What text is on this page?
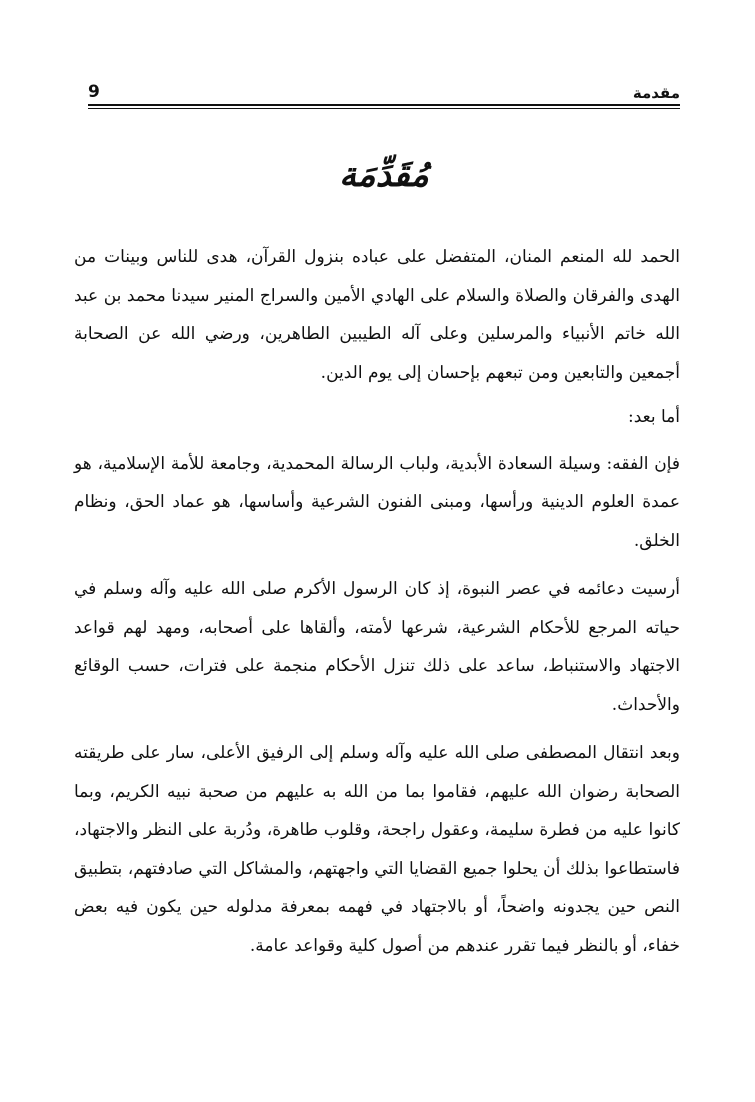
مقدمة
9
مُقَدِّمَة

الحمد لله المنعم المنان، المتفضل على عباده بنزول القرآن، هدى للناس وبينات من الهدى والفرقان والصلاة والسلام على الهادي الأمين والسراج المنير سيدنا محمد بن عبد الله خاتم الأنبياء والمرسلين وعلى آله الطيبين الطاهرين، ورضي الله عن الصحابة أجمعين والتابعين ومن تبعهم بإحسان إلى يوم الدين.

أما بعد:

فإن الفقه: وسيلة السعادة الأبدية، ولباب الرسالة المحمدية، وجامعة للأمة الإسلامية، هو عمدة العلوم الدينية ورأسها، ومبنى الفنون الشرعية وأساسها، هو عماد الحق، ونظام الخلق.

أرسيت دعائمه في عصر النبوة، إذ كان الرسول الأكرم صلى الله عليه وآله وسلم في حياته المرجع للأحكام الشرعية، شرعها لأمته، وألقاها على أصحابه، ومهد لهم قواعد الاجتهاد والاستنباط، ساعد على ذلك تنزل الأحكام منجمة على فترات، حسب الوقائع والأحداث.

وبعد انتقال المصطفى صلى الله عليه وآله وسلم إلى الرفيق الأعلى، سار على طريقته الصحابة رضوان الله عليهم، فقاموا بما من الله به عليهم من صحبة نبيه الكريم، وبما كانوا عليه من فطرة سليمة، وعقول راجحة، وقلوب طاهرة، ودُربة على النظر والاجتهاد، فاستطاعوا بذلك أن يحلوا جميع القضايا التي واجهتهم، والمشاكل التي صادفتهم، بتطبيق النص حين يجدونه واضحاً، أو بالاجتهاد في فهمه بمعرفة مدلوله حين يكون فيه بعض خفاء، أو بالنظر فيما تقرر عندهم من أصول كلية وقواعد عامة.
